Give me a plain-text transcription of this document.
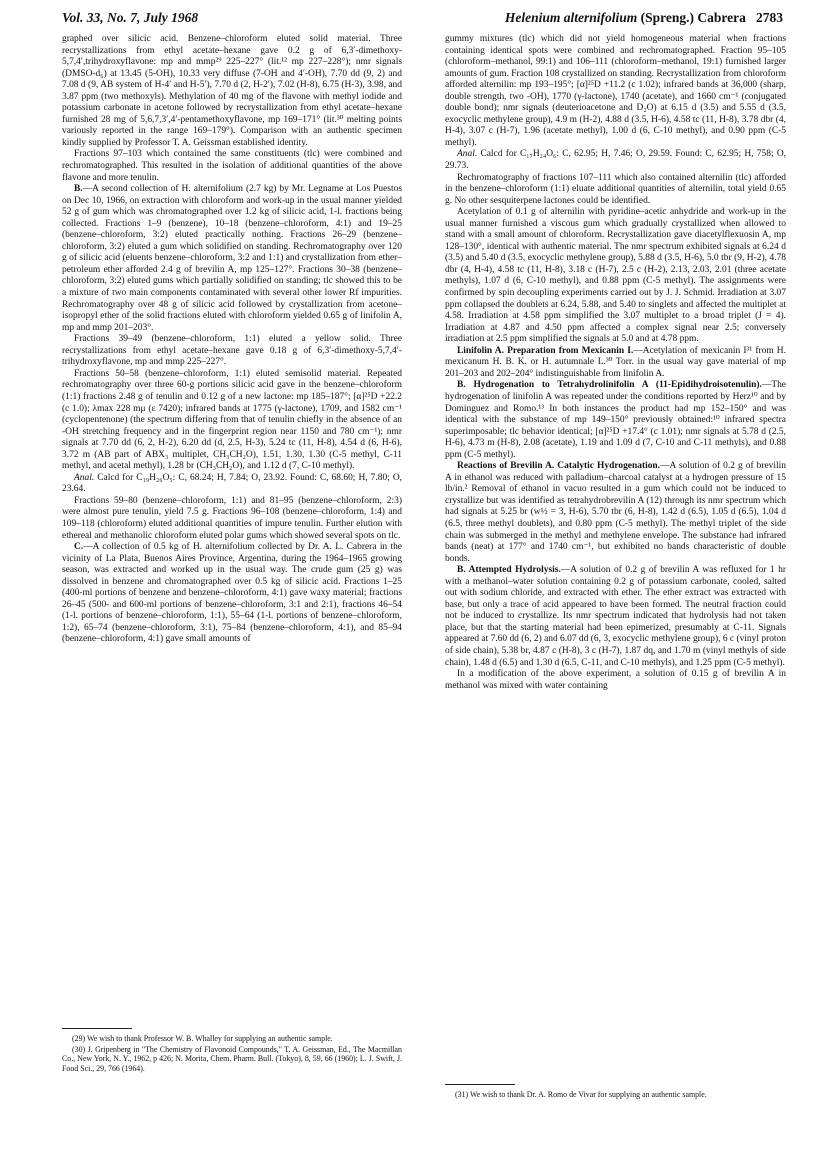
Vol. 33, No. 7, July 1968	Helenium alternifolium (Spreng.) Cabrera 2783

graphed over silicic acid. Benzene–chloroform eluted solid material. Three recrystallizations from ethyl acetate–hexane gave 0.2 g of 6,3′-dimethoxy-5,7,4′,trihydroxyflavone: mp and mmp²⁹ 225–227° (lit.¹² mp 227–228°); nmr signals (DMSO-d₆) at 13.45 (5-OH), 10.33 very diffuse (7-OH and 4′-OH), 7.70 dd (9, 2) and 7.08 d (9, AB system of H-4′ and H-5′), 7.70 d (2, H-2′), 7.02 (H-8), 6.75 (H-3), 3.98, and 3.87 ppm (two methoxyls). Methylation of 40 mg of the flavone with methyl iodide and potassium carbonate in acetone followed by recrystallization from ethyl acetate–hexane furnished 28 mg of 5,6,7,3′,4′-pentamethoxyflavone, mp 169–171° (lit.³⁰ melting points variously reported in the range 169–179°). Comparison with an authentic specimen kindly supplied by Professor T. A. Geissman established identity.

Fractions 97–103 which contained the same constituents (tlc) were combined and rechromatographed. This resulted in the isolation of additional quantities of the above flavone and more tenulin.

B.—A second collection of H. alternifolium (2.7 kg) by Mr. Legname at Los Puestos on Dec 10, 1966, on extraction with chloroform and work-up in the usual manner yielded 52 g of gum which was chromatographed over 1.2 kg of silicic acid, 1-l. fractions being collected. Fractions 1–9 (benzene), 10–18 (benzene–chloroform, 4:1) and 19–25 (benzene–chloroform, 3:2) eluted practically nothing. Fractions 26–29 (benzene–chloroform, 3:2) eluted a gum which solidified on standing. Rechromatography over 120 g of silicic acid (eluents benzene–chloroform, 3:2 and 1:1) and crystallization from ether–petroleum ether afforded 2.4 g of brevilin A, mp 125–127°. Fractions 30–38 (benzene–chloroform, 3:2) eluted gums which partially solidified on standing; tlc showed this to be a mixture of two main components contaminated with several other lower Rf impurities. Rechromatography over 48 g of silicic acid followed by crystallization from acetone–isopropyl ether of the solid fractions eluted with chloroform yielded 0.65 g of linifolin A, mp and mmp 201–203°.

Fractions 39–49 (benzene–chloroform, 1:1) eluted a yellow solid. Three recrystallizations from ethyl acetate–hexane gave 0.18 g of 6,3′-dimethoxy-5,7,4′-trihydroxyflavone, mp and mmp 225–227°.

Fractions 50–58 (benzene–chloroform, 1:1) eluted semisolid material. Repeated rechromatography over three 60-g portions silicic acid gave in the benzene–chloroform (1:1) fractions 2.48 g of tenulin and 0.12 g of a new lactone: mp 185–187°; [α]²⁵D +22.2 (c 1.0); λmax 228 mμ (ε 7420); infrared bands at 1775 (γ-lactone), 1709, and 1582 cm⁻¹ (cyclopentenone) (the spectrum differing from that of tenulin chiefly in the absence of an -OH stretching frequency and in the fingerprint region near 1150 and 780 cm⁻¹); nmr signals at 7.70 dd (6, 2, H-2), 6.20 dd (d, 2.5, H-3), 5.24 tc (11, H-8), 4.54 d (6, H-6), 3.72 m (AB part of ABX₃ multiplet, CH₃CH₂O), 1.51, 1.30, 1.30 (C-5 methyl, C-11 methyl, and acetal methyl), 1.28 br (CH₃CH₂O), and 1.12 d (7, C-10 methyl).

Anal. Calcd for C₁₉H₂₆O₅: C, 68.24; H, 7.84; O, 23.92. Found: C, 68.60; H, 7.80; O, 23.64.

Fractions 59–80 (benzene–chloroform, 1:1) and 81–95 (benzene–chloroform, 2:3) were almost pure tenulin, yield 7.5 g. Fractions 96–108 (benzene–chloroform, 1:4) and 109–118 (chloroform) eluted additional quantities of impure tenulin. Further elution with ethereal and methanolic chloroform eluted polar gums which showed several spots on tlc.

C.—A collection of 0.5 kg of H. alternifolium collected by Dr. A. L. Cabrera in the vicinity of La Plata, Buenos Aires Province, Argentina, during the 1964–1965 growing season, was extracted and worked up in the usual way. The crude gum (25 g) was dissolved in benzene and chromatographed over 0.5 kg of silicic acid. Fractions 1–25 (400-ml portions of benzene and benzene–chloroform, 4:1) gave waxy material; fractions 26–45 (500- and 600-ml portions of benzene–chloroform, 3:1 and 2:1), fractions 46–54 (1-l. portions of benzene–chloroform, 1:1), 55–64 (1-l. portions of benzene–chloroform, 1:2), 65–74 (benzene–chloroform, 3:1), 75–84 (benzene–chloroform, 4:1), and 85–94 (benzene–chloroform, 4:1) gave small amounts of

(29) We wish to thank Professor W. B. Whalley for supplying an authentic sample.

(30) J. Gripenberg in "The Chemistry of Flavonoid Compounds," T. A. Geissman, Ed., The Macmillan Co., New York, N. Y., 1962, p 426; N. Morita, Chem. Pharm. Bull. (Tokyo), 8, 59, 66 (1960); L. J. Swift, J. Food Sci., 29, 766 (1964).

gummy mixtures (tlc) which did not yield homogeneous material when fractions containing identical spots were combined and rechromatographed. Fraction 95–105 (chloroform–methanol, 99:1) and 106–111 (chloroform–methanol, 19:1) furnished larger amounts of gum. Fraction 108 crystallized on standing. Recrystallization from chloroform afforded alternilin: mp 193–195°; [α]²⁵D +11.2 (c 1.02); infrared bands at 36,000 (sharp, double strength, two -OH), 1770 (γ-lactone), 1740 (acetate), and 1660 cm⁻¹ (conjugated double bond); nmr signals (deuterioacetone and D₂O) at 6.15 d (3.5) and 5.55 d (3.5, exocyclic methylene group), 4.9 m (H-2), 4.88 d (3.5, H-6), 4.58 tc (11, H-8), 3.78 dbr (4, H-4), 3.07 c (H-7), 1.96 (acetate methyl), 1.00 d (6, C-10 methyl), and 0.90 ppm (C-5 methyl).

Anal. Calcd for C₁₇H₂₄O₆: C, 62.95; H, 7.46; O, 29.59. Found: C, 62.95; H, 758; O, 29.73.

Rechromatography of fractions 107–111 which also contained alternilin (tlc) afforded in the benzene–chloroform (1:1) eluate additional quantities of alternilin, total yield 0.65 g. No other sesquiterpene lactones could be identified.

Acetylation of 0.1 g of alternilin with pyridine–acetic anhydride and work-up in the usual manner furnished a viscous gum which gradually crystallized when allowed to stand with a small amount of chloroform. Recrystallization gave diacetylflexuosin A, mp 128–130°, identical with authentic material. The nmr spectrum exhibited signals at 6.24 d (3.5) and 5.40 d (3.5, exocyclic methylene group), 5.88 d (3.5, H-6), 5.0 tbr (9, H-2), 4.78 dbr (4, H-4), 4.58 tc (11, H-8), 3.18 c (H-7), 2.5 c (H-2), 2.13, 2.03, 2.01 (three acetate methyls), 1.07 d (6, C-10 methyl), and 0.88 ppm (C-5 methyl). The assignments were confirmed by spin decoupling experiments carried out by J. J. Schmid. Irradiation at 3.07 ppm collapsed the doublets at 6.24, 5.88, and 5.40 to singlets and affected the multiplet at 4.58. Irradiation at 4.58 ppm simplified the 3.07 multiplet to a broad triplet (J = 4). Irradiation at 4.87 and 4.50 ppm affected a complex signal near 2.5; conversely irradiation at 2.5 ppm simplified the signals at 5.0 and at 4.78 ppm.

Linifolin A. Preparation from Mexicanin I.—Acetylation of mexicanin I³¹ from H. mexicanum H. B. K. or H. autumnale L.³⁰ Torr. in the usual way gave material of mp 201–203 and 202–204° indistinguishable from linifolin A.

B. Hydrogenation to Tetrahydrolinifolin A (11-Epidihydroisotenulin).—The hydrogenation of linifolin A was repeated under the conditions reported by Herz¹⁰ and by Dominguez and Romo.¹³ In both instances the product had mp 152–150° and was identical with the substance of mp 149–150° previously obtained:¹⁰ infrared spectra superimposable; tlc behavior identical; [α]²⁵D +17.4° (c 1.01); nmr signals at 5.78 d (2.5, H-6), 4.73 m (H-8), 2.08 (acetate), 1.19 and 1.09 d (7, C-10 and C-11 methyls), and 0.88 ppm (C-5 methyl).

Reactions of Brevilin A. Catalytic Hydrogenation.—A solution of 0.2 g of brevilin A in ethanol was reduced with palladium–charcoal catalyst at a hydrogen pressure of 15 lb/in.² Removal of ethanol in vacuo resulted in a gum which could not be induced to crystallize but was identified as tetrahydrobrevilin A (12) through its nmr spectrum which had signals at 5.25 br (w½ = 3, H-6), 5.70 tbr (6, H-8), 1.42 d (6.5), 1.05 d (6.5), 1.04 d (6.5, three methyl doublets), and 0.80 ppm (C-5 methyl). The methyl triplet of the side chain was submerged in the methyl and methylene envelope. The substance had infrared bands (neat) at 177° and 1740 cm⁻¹, but exhibited no bands characteristic of double bonds.

B. Attempted Hydrolysis.—A solution of 0.2 g of brevilin A was refluxed for 1 hr with a methanol–water solution containing 0.2 g of potassium carbonate, cooled, salted out with sodium chloride, and extracted with ether. The ether extract was extracted with base, but only a trace of acid appeared to have been formed. The neutral fraction could not be induced to crystallize. Its nmr spectrum indicated that hydrolysis had not taken place, but that the starting material had been epimerized, presumably at C-11. Signals appeared at 7.60 dd (6, 2) and 6.07 dd (6, 3, exocyclic methylene group), 6 c (vinyl proton of side chain), 5.38 br, 4.87 c (H-8), 3 c (H-7), 1.87 dq, and 1.70 m (vinyl methyls of side chain), 1.48 d (6.5) and 1.30 d (6.5, C-11, and C-10 methyls), and 1.25 ppm (C-5 methyl).

In a modification of the above experiment, a solution of 0.15 g of brevilin A in methanol was mixed with water containing

(31) We wish to thank Dr. A. Romo de Vivar for supplying an authentic sample.
